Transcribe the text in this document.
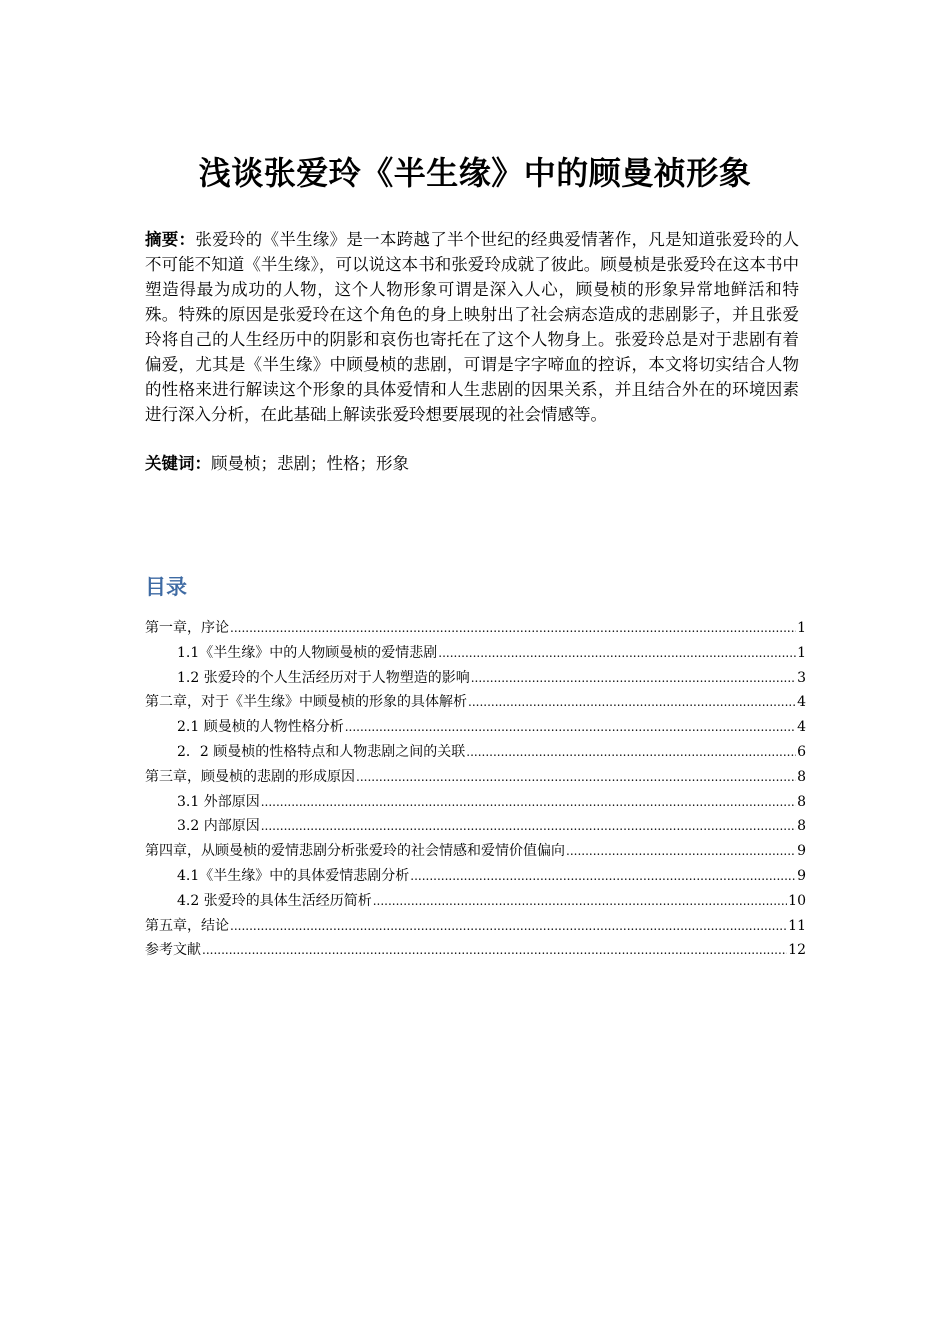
浅谈张爱玲《半生缘》中的顾曼祯形象

摘要：张爱玲的《半生缘》是一本跨越了半个世纪的经典爱情著作，凡是知道张爱玲的人不可能不知道《半生缘》，可以说这本书和张爱玲成就了彼此。顾曼桢是张爱玲在这本书中塑造得最为成功的人物，这个人物形象可谓是深入人心，顾曼桢的形象异常地鲜活和特殊。特殊的原因是张爱玲在这个角色的身上映射出了社会病态造成的悲剧影子，并且张爱玲将自己的人生经历中的阴影和哀伤也寄托在了这个人物身上。张爱玲总是对于悲剧有着偏爱，尤其是《半生缘》中顾曼桢的悲剧，可谓是字字啼血的控诉，本文将切实结合人物的性格来进行解读这个形象的具体爱情和人生悲剧的因果关系，并且结合外在的环境因素进行深入分析，在此基础上解读张爱玲想要展现的社会情感等。

关键词：顾曼桢；悲剧；性格；形象

目录
第一章，序论 .....	1
1.1《半生缘》中的人物顾曼桢的爱情悲剧 .....	1
1.2 张爱玲的个人生活经历对于人物塑造的影响 .....	3
第二章，对于《半生缘》中顾曼桢的形象的具体解析 .....	4
2.1 顾曼桢的人物性格分析 .....	4
2．2 顾曼桢的性格特点和人物悲剧之间的关联 .....	6
第三章，顾曼桢的悲剧的形成原因 .....	8
3.1 外部原因 .....	8
3.2 内部原因 .....	8
第四章，从顾曼桢的爱情悲剧分析张爱玲的社会情感和爱情价值偏向 .....	9
4.1《半生缘》中的具体爱情悲剧分析 .....	9
4.2 张爱玲的具体生活经历简析 .....	10
第五章，结论 .....	11
参考文献 .....	12
